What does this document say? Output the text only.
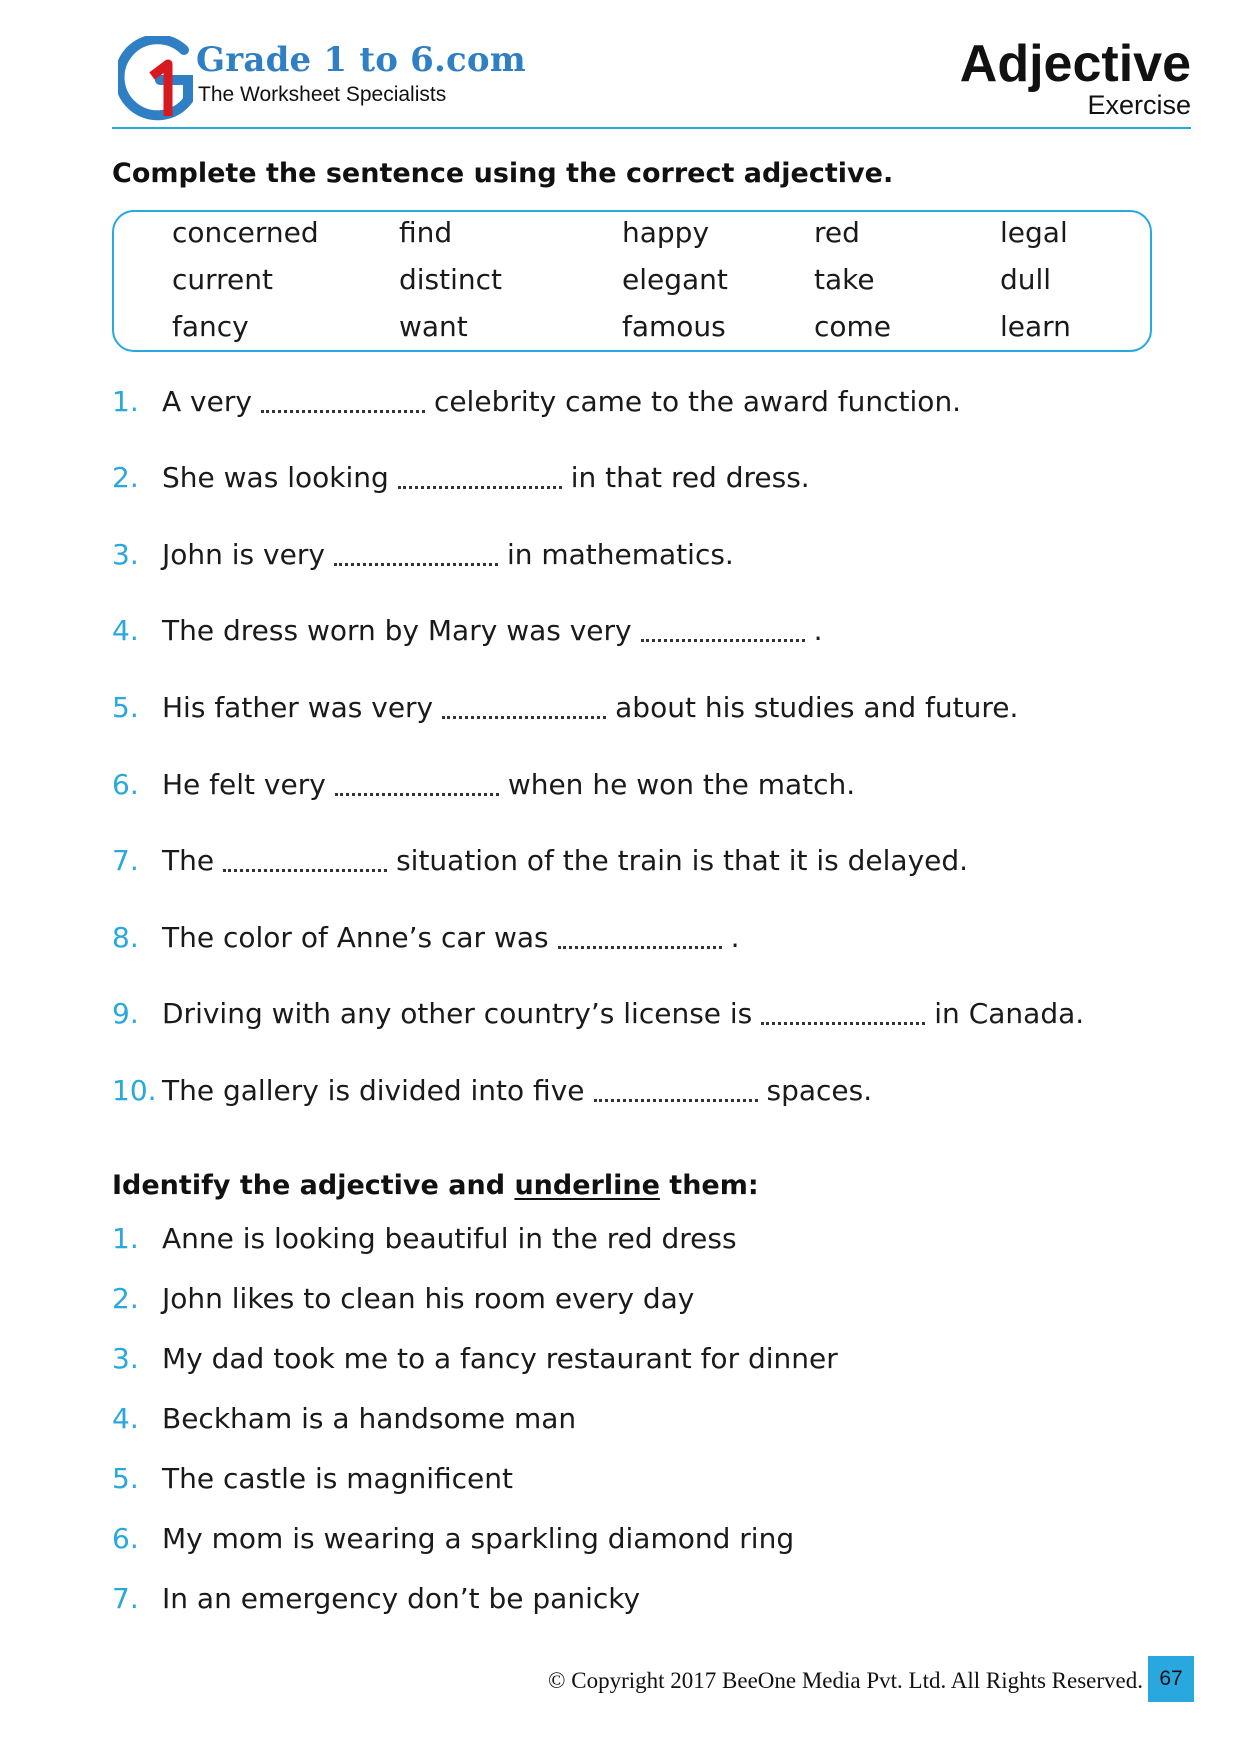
Grade 1 to 6.com
The Worksheet Specialists
Adjective
Exercise
Complete the sentence using the correct adjective.
concerned	find	happy	red	legal
current	distinct	elegant	take	dull
fancy	want	famous	come	learn
1. A very	celebrity came to the award function.
2. She was looking	in that red dress.
3. John is very	in mathematics.
4. The dress worn by Mary was very	.
5. His father was very	about his studies and future.
6. He felt very	when he won the match.
7. The	situation of the train is that it is delayed.
8. The color of Anne’s car was	.
9. Driving with any other country’s license is	in Canada.
10. The gallery is divided into five	spaces.
Identify the adjective and underline them:
1. Anne is looking beautiful in the red dress
2. John likes to clean his room every day
3. My dad took me to a fancy restaurant for dinner
4. Beckham is a handsome man
5. The castle is magnificent
6. My mom is wearing a sparkling diamond ring
7. In an emergency don’t be panicky
© Copyright 2017 BeeOne Media Pvt. Ltd. All Rights Reserved. 67
